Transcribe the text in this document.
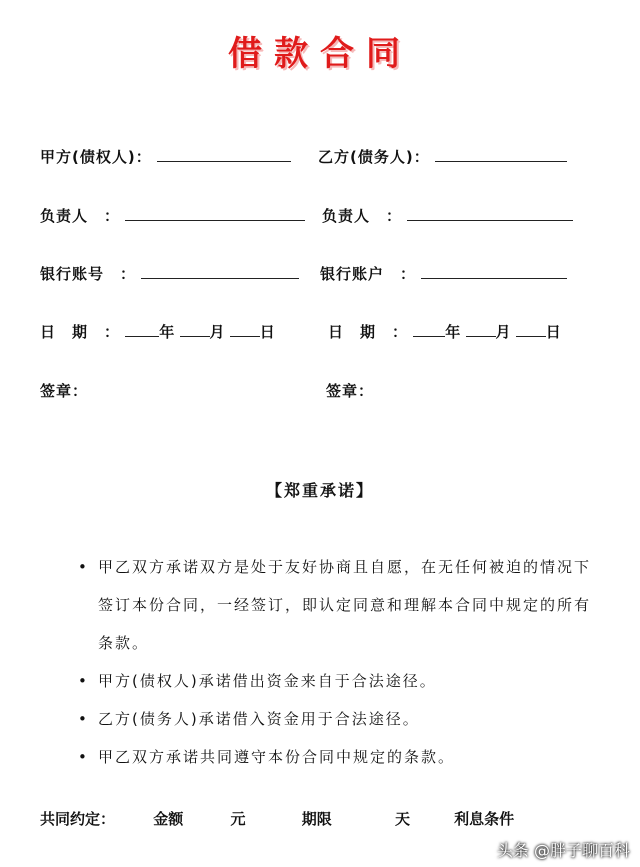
借款合同
甲方(债权人)：	乙方(债务人)：
负责人　：	负责人　：
银行账号　：	银行账户　：
日　期　：	年 月 日	日　期　： 年 月 日
签章：	签章：
【郑重承诺】
• 甲乙双方承诺双方是处于友好协商且自愿，在无任何被迫的情况下签订本份合同，一经签订，即认定同意和理解本合同中规定的所有条款。
• 甲方(债权人)承诺借出资金来自于合法途径。
• 乙方(债务人)承诺借入资金用于合法途径。
• 甲乙双方承诺共同遵守本份合同中规定的条款。
共同约定：	金额	元	期限	天	利息条件
头条 @胖子聊百科
